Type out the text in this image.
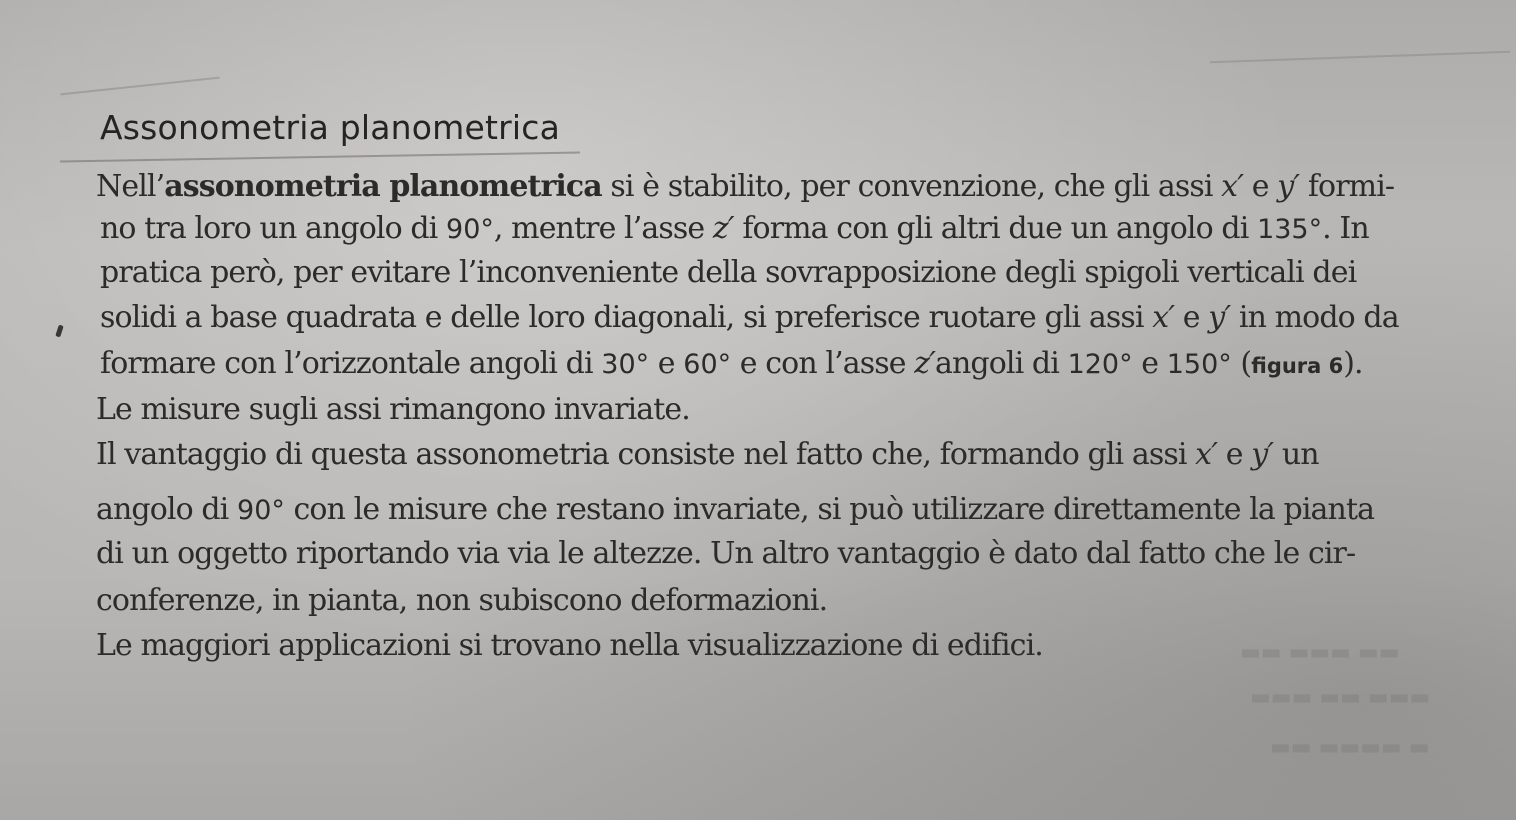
Assonometria planometrica

Nell’assonometria planometrica si è stabilito, per convenzione, che gli assi x′ e y′ formi-

no tra loro un angolo di 90°, mentre l’asse z′ forma con gli altri due un angolo di 135°. In

pratica però, per evitare l’inconveniente della sovrapposizione degli spigoli verticali dei

solidi a base quadrata e delle loro diagonali, si preferisce ruotare gli assi x′ e y′ in modo da

formare con l’orizzontale angoli di 30° e 60° e con l’asse z′angoli di 120° e 150° (figura 6).

Le misure sugli assi rimangono invariate.

Il vantaggio di questa assonometria consiste nel fatto che, formando gli assi x′ e y′ un

angolo di 90° con le misure che restano invariate, si può utilizzare direttamente la pianta

di un oggetto riportando via via le altezze. Un altro vantaggio è dato dal fatto che le cir-

conferenze, in pianta, non subiscono deformazioni.

Le maggiori applicazioni si trovano nella visualizzazione di edifici.	▬▬ ▬▬▬ ▬▬
▬▬▬ ▬▬ ▬▬▬
▬▬ ▬▬▬▬ ▬
